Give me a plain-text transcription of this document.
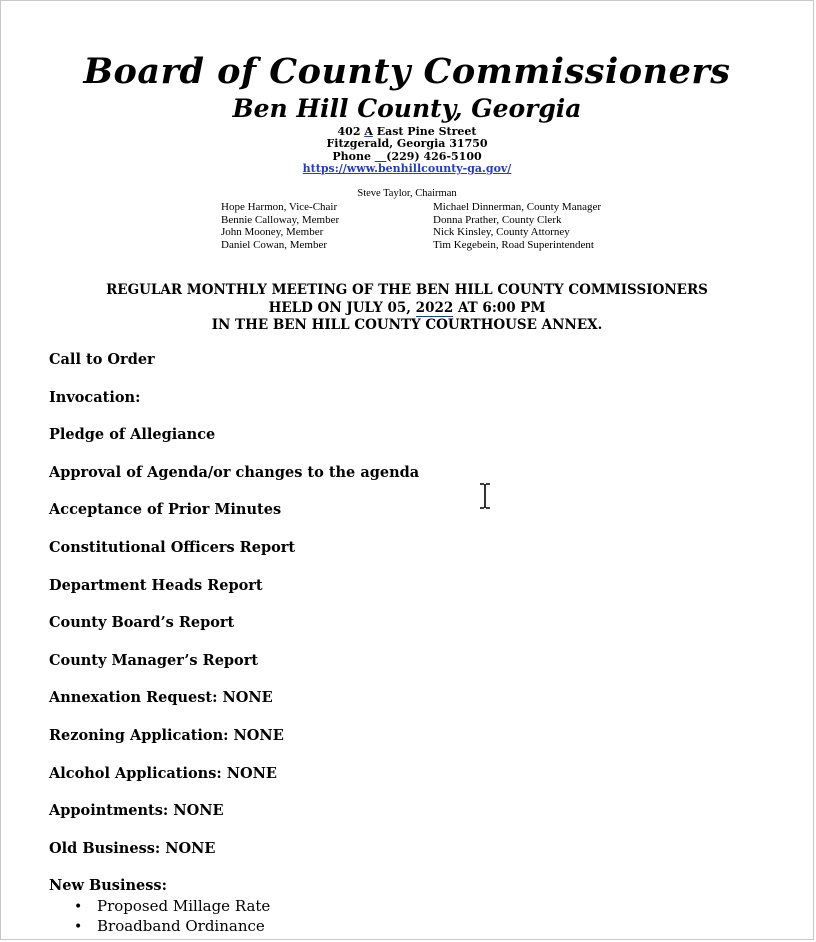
Board of County Commissioners
Ben Hill County, Georgia
402 A East Pine Street
Fitzgerald, Georgia 31750
Phone    (229) 426-5100
https://www.benhillcounty-ga.gov/
Steve Taylor, Chairman
Hope Harmon, Vice-Chair
Bennie Calloway, Member
John Mooney, Member
Daniel Cowan, Member
Michael Dinnerman, County Manager
Donna Prather, County Clerk
Nick Kinsley, County Attorney
Tim Kegebein, Road Superintendent
REGULAR MONTHLY MEETING OF THE BEN HILL COUNTY COMMISSIONERS
HELD ON JULY 05, 2022 AT 6:00 PM
IN THE BEN HILL COUNTY COURTHOUSE ANNEX.
Call to Order
Invocation:
Pledge of Allegiance
Approval of Agenda/or changes to the agenda
Acceptance of Prior Minutes
Constitutional Officers Report
Department Heads Report
County Board’s Report
County Manager’s Report
Annexation Request: NONE
Rezoning Application: NONE
Alcohol Applications: NONE
Appointments: NONE
Old Business: NONE
New Business:
• Proposed Millage Rate
• Broadband Ordinance
